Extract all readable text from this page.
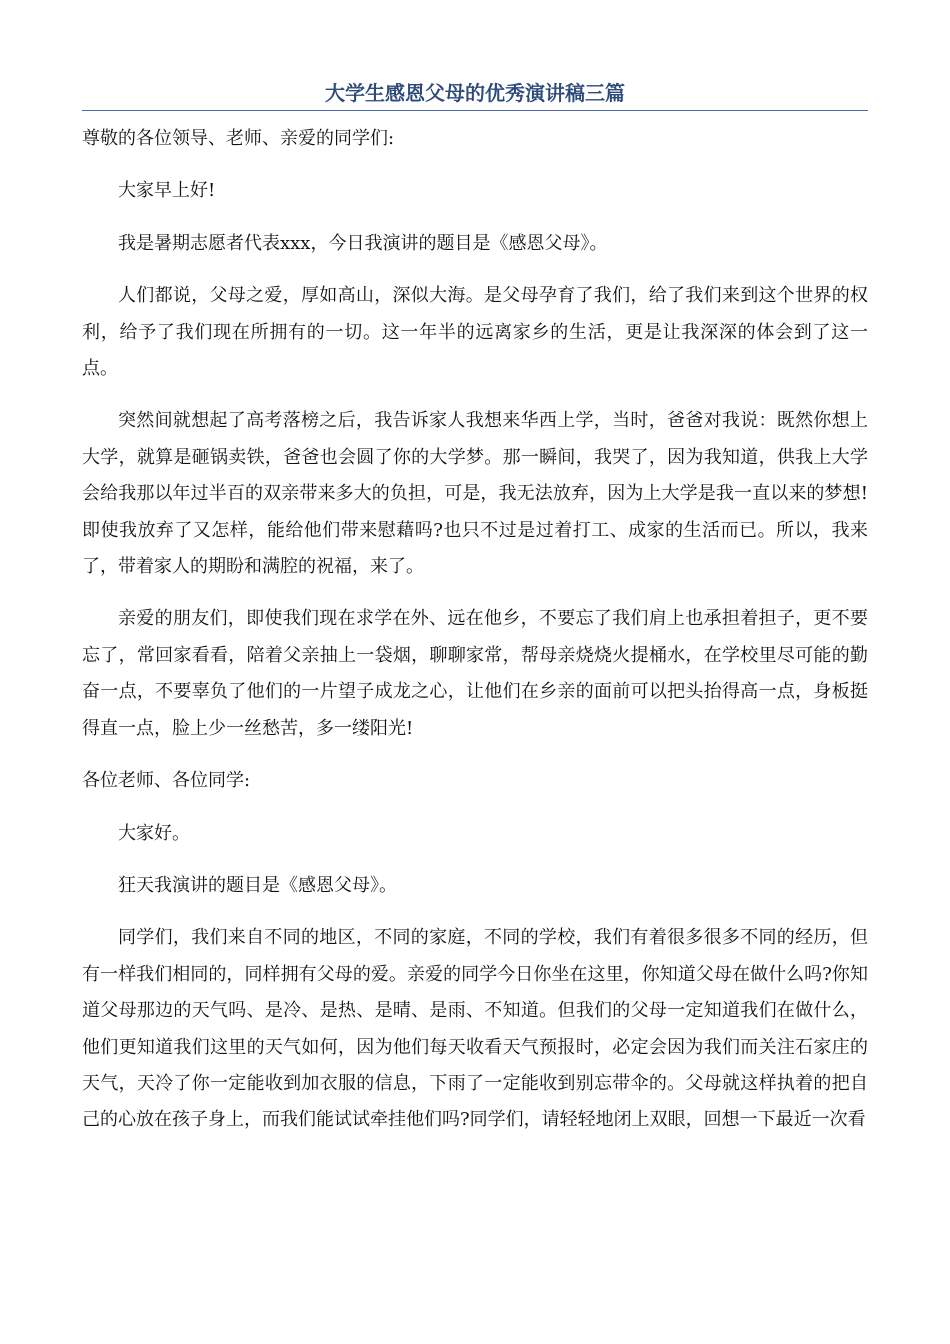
大学生感恩父母的优秀演讲稿三篇

尊敬的各位领导、老师、亲爱的同学们:

大家早上好!

我是暑期志愿者代表xxx，今日我演讲的题目是《感恩父母》。

人们都说，父母之爱，厚如高山，深似大海。是父母孕育了我们，给了我们来到这个世界的权利，给予了我们现在所拥有的一切。这一年半的远离家乡的生活，更是让我深深的体会到了这一点。

突然间就想起了高考落榜之后，我告诉家人我想来华西上学，当时，爸爸对我说：既然你想上大学，就算是砸锅卖铁，爸爸也会圆了你的大学梦。那一瞬间，我哭了，因为我知道，供我上大学会给我那以年过半百的双亲带来多大的负担，可是，我无法放弃，因为上大学是我一直以来的梦想!即使我放弃了又怎样，能给他们带来慰藉吗?也只不过是过着打工、成家的生活而已。所以，我来了，带着家人的期盼和满腔的祝福，来了。

亲爱的朋友们，即使我们现在求学在外、远在他乡，不要忘了我们肩上也承担着担子，更不要忘了，常回家看看，陪着父亲抽上一袋烟，聊聊家常，帮母亲烧烧火提桶水，在学校里尽可能的勤奋一点，不要辜负了他们的一片望子成龙之心，让他们在乡亲的面前可以把头抬得高一点，身板挺得直一点，脸上少一丝愁苦，多一缕阳光!

各位老师、各位同学:

大家好。

狂天我演讲的题目是《感恩父母》。

同学们，我们来自不同的地区，不同的家庭，不同的学校，我们有着很多很多不同的经历，但有一样我们相同的，同样拥有父母的爱。亲爱的同学今日你坐在这里，你知道父母在做什么吗?你知道父母那边的天气吗、是冷、是热、是晴、是雨、不知道。但我们的父母一定知道我们在做什么，他们更知道我们这里的天气如何，因为他们每天收看天气预报时，必定会因为我们而关注石家庄的天气，天冷了你一定能收到加衣服的信息，下雨了一定能收到别忘带伞的。父母就这样执着的把自己的心放在孩子身上，而我们能试试牵挂他们吗?同学们，请轻轻地闭上双眼，回想一下最近一次看
